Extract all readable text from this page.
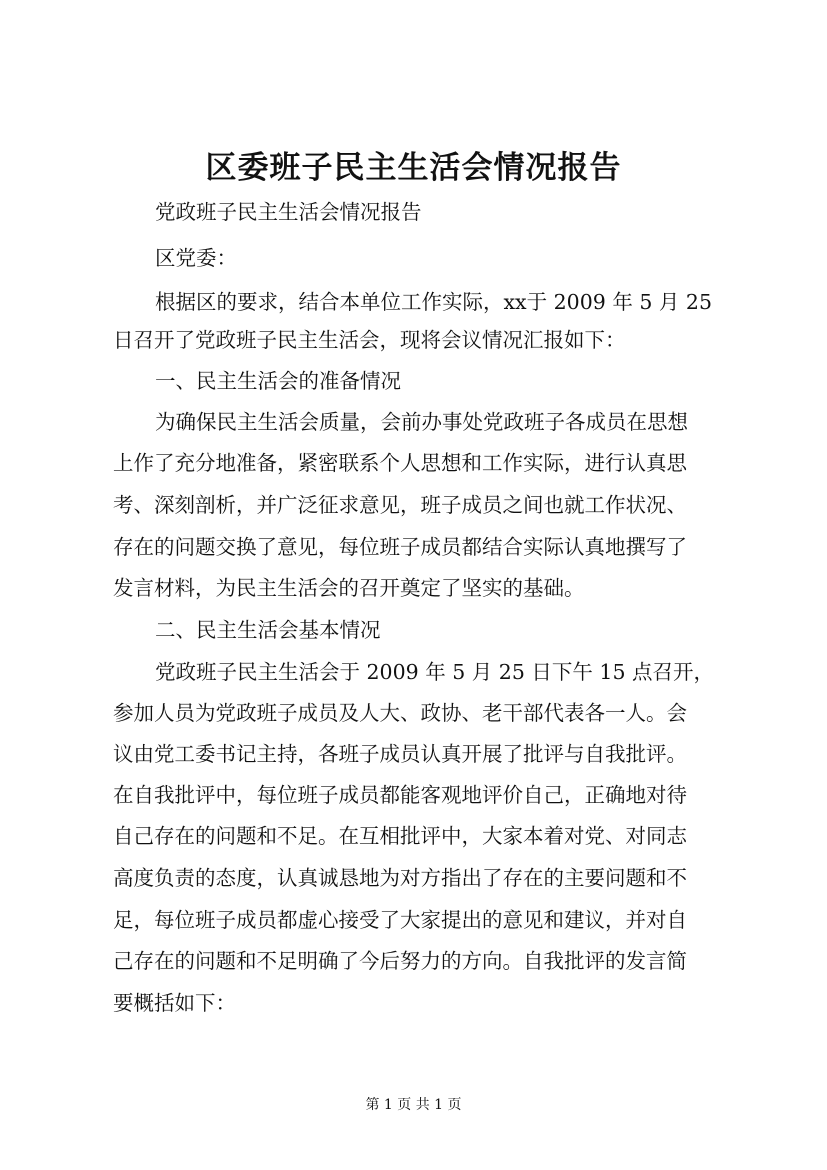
区委班子民主生活会情况报告

党政班子民主生活会情况报告

区党委：

根据区的要求，结合本单位工作实际，xx于 2009 年 5 月 25

日召开了党政班子民主生活会，现将会议情况汇报如下：

一、民主生活会的准备情况

为确保民主生活会质量，会前办事处党政班子各成员在思想

上作了充分地准备，紧密联系个人思想和工作实际，进行认真思

考、深刻剖析，并广泛征求意见，班子成员之间也就工作状况、

存在的问题交换了意见，每位班子成员都结合实际认真地撰写了

发言材料，为民主生活会的召开奠定了坚实的基础。

二、民主生活会基本情况

党政班子民主生活会于 2009 年 5 月 25 日下午 15 点召开，

参加人员为党政班子成员及人大、政协、老干部代表各一人。会

议由党工委书记主持，各班子成员认真开展了批评与自我批评。

在自我批评中，每位班子成员都能客观地评价自己，正确地对待

自己存在的问题和不足。在互相批评中，大家本着对党、对同志

高度负责的态度，认真诚恳地为对方指出了存在的主要问题和不

足，每位班子成员都虚心接受了大家提出的意见和建议，并对自

己存在的问题和不足明确了今后努力的方向。自我批评的发言简

要概括如下：

第 1 页 共 1 页
